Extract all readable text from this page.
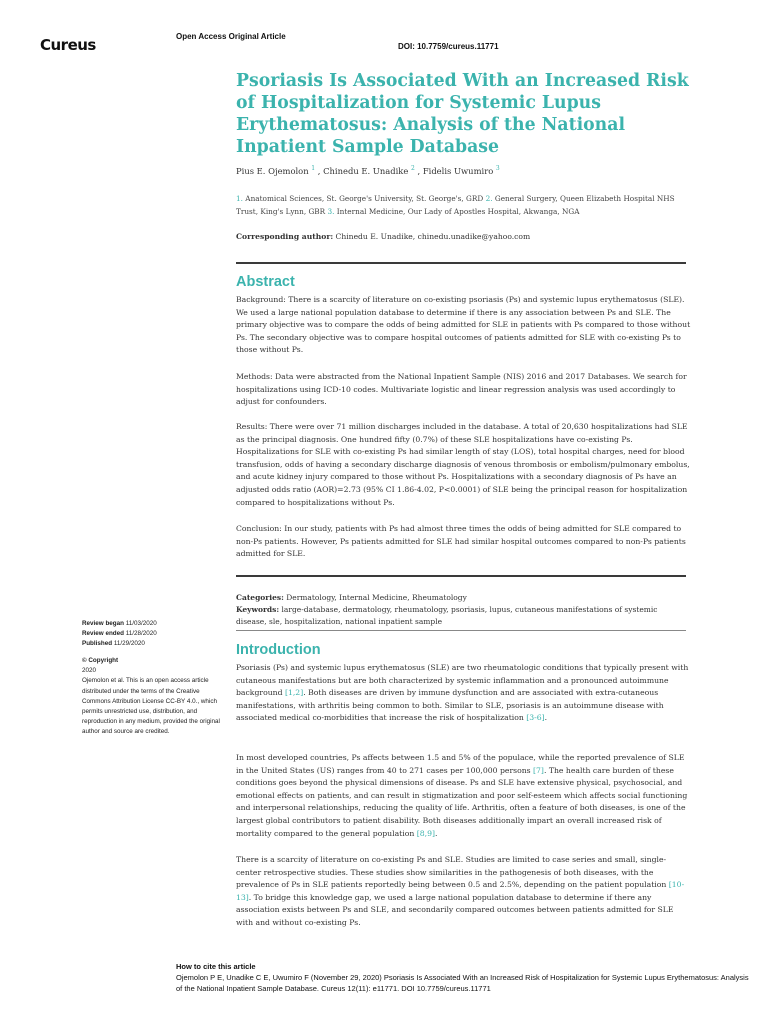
Cureus	Open Access Original Article
DOI: 10.7759/cureus.11771
Psoriasis Is Associated With an Increased Risk of Hospitalization for Systemic Lupus Erythematosus: Analysis of the National Inpatient Sample Database
Pius E. Ojemolon $^1$ , Chinedu E. Unadike $^2$ , Fidelis Uwumiro $^3$
1. Anatomical Sciences, St. George's University, St. George's, GRD 2. General Surgery, Queen Elizabeth Hospital NHS Trust, King's Lynn, GBR 3. Internal Medicine, Our Lady of Apostles Hospital, Akwanga, NGA
Corresponding author: Chinedu E. Unadike, chinedu.unadike@yahoo.com
Abstract

Background: There is a scarcity of literature on co-existing psoriasis (Ps) and systemic lupus erythematosus (SLE). We used a large national population database to determine if there is any association between Ps and SLE. The primary objective was to compare the odds of being admitted for SLE in patients with Ps compared to those without Ps. The secondary objective was to compare hospital outcomes of patients admitted for SLE with co-existing Ps to those without Ps.

Methods: Data were abstracted from the National Inpatient Sample (NIS) 2016 and 2017 Databases. We search for hospitalizations using ICD-10 codes. Multivariate logistic and linear regression analysis was used accordingly to adjust for confounders.

Results: There were over 71 million discharges included in the database. A total of 20,630 hospitalizations had SLE as the principal diagnosis. One hundred fifty (0.7%) of these SLE hospitalizations have co-existing Ps. Hospitalizations for SLE with co-existing Ps had similar length of stay (LOS), total hospital charges, need for blood transfusion, odds of having a secondary discharge diagnosis of venous thrombosis or embolism/pulmonary embolus, and acute kidney injury compared to those without Ps. Hospitalizations with a secondary diagnosis of Ps have an adjusted odds ratio (AOR)=2.73 (95% CI 1.86-4.02, P<0.0001) of SLE being the principal reason for hospitalization compared to hospitalizations without Ps.

Conclusion: In our study, patients with Ps had almost three times the odds of being admitted for SLE compared to non-Ps patients. However, Ps patients admitted for SLE had similar hospital outcomes compared to non-Ps patients admitted for SLE.

Categories: Dermatology, Internal Medicine, Rheumatology
Keywords: large-database, dermatology, rheumatology, psoriasis, lupus, cutaneous manifestations of systemic disease, sle, hospitalization, national inpatient sample
Review began 11/03/2020
Review ended 11/28/2020
Published 11/29/2020
© Copyright
2020
Ojemolon et al. This is an open access article distributed under the terms of the Creative Commons Attribution License CC-BY 4.0., which permits unrestricted use, distribution, and reproduction in any medium, provided the original author and source are credited.
Introduction

Psoriasis (Ps) and systemic lupus erythematosus (SLE) are two rheumatologic conditions that typically present with cutaneous manifestations but are both characterized by systemic inflammation and a pronounced autoimmune background [1,2]. Both diseases are driven by immune dysfunction and are associated with extra-cutaneous manifestations, with arthritis being common to both. Similar to SLE, psoriasis is an autoimmune disease with associated medical co-morbidities that increase the risk of hospitalization [3-6].

In most developed countries, Ps affects between 1.5 and 5% of the populace, while the reported prevalence of SLE in the United States (US) ranges from 40 to 271 cases per 100,000 persons [7]. The health care burden of these conditions goes beyond the physical dimensions of disease. Ps and SLE have extensive physical, psychosocial, and emotional effects on patients, and can result in stigmatization and poor self-esteem which affects social functioning and interpersonal relationships, reducing the quality of life. Arthritis, often a feature of both diseases, is one of the largest global contributors to patient disability. Both diseases additionally impart an overall increased risk of mortality compared to the general population [8,9].

There is a scarcity of literature on co-existing Ps and SLE. Studies are limited to case series and small, single-center retrospective studies. These studies show similarities in the pathogenesis of both diseases, with the prevalence of Ps in SLE patients reportedly being between 0.5 and 2.5%, depending on the patient population [10-13]. To bridge this knowledge gap, we used a large national population database to determine if there any association exists between Ps and SLE, and secondarily compared outcomes between patients admitted for SLE with and without co-existing Ps.

How to cite this article
Ojemolon P E, Unadike C E, Uwumiro F (November 29, 2020) Psoriasis Is Associated With an Increased Risk of Hospitalization for Systemic Lupus Erythematosus: Analysis of the National Inpatient Sample Database. Cureus 12(11): e11771. DOI 10.7759/cureus.11771
